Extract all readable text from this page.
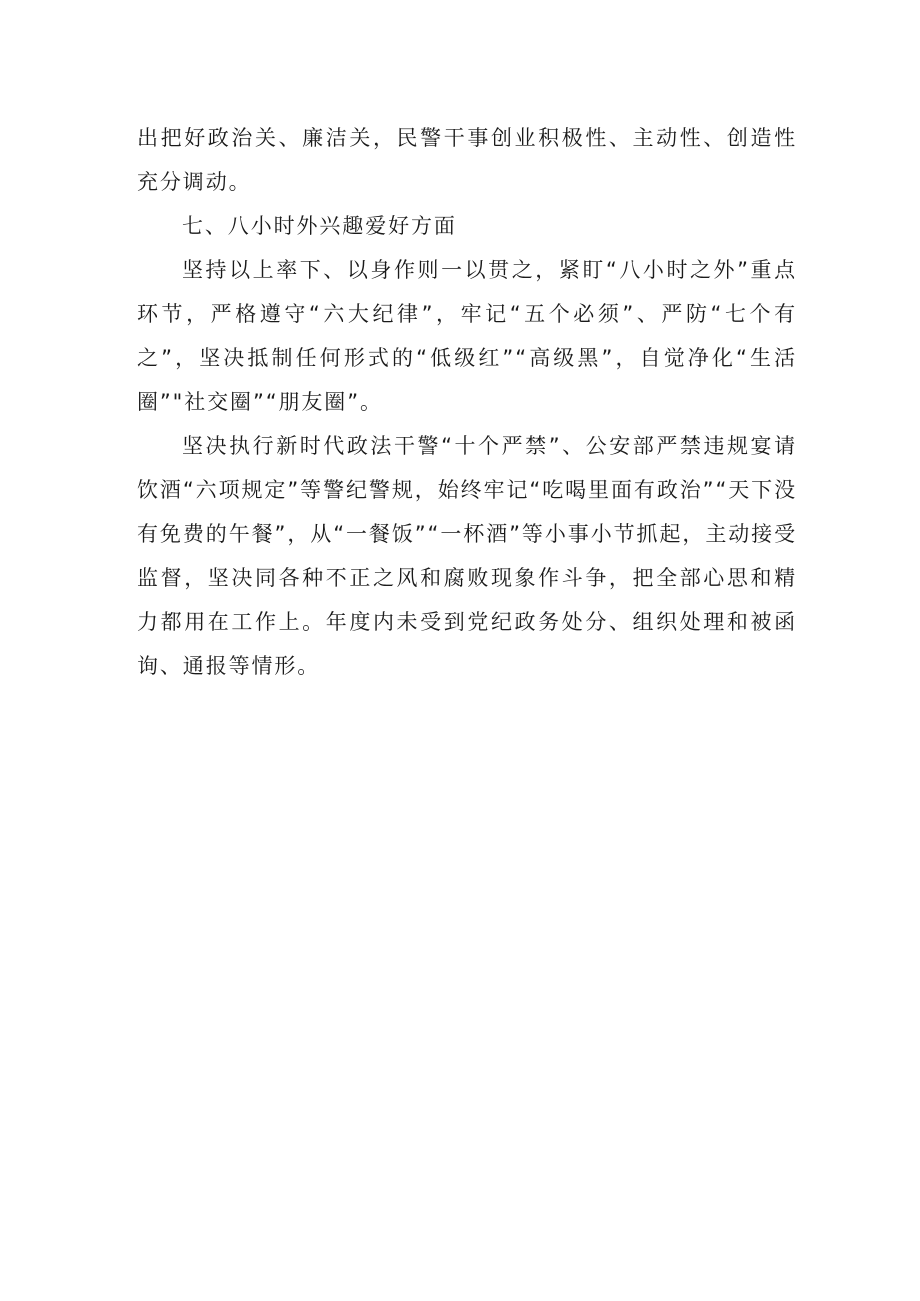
出把好政治关、廉洁关，民警干事创业积极性、主动性、创造性充分调动。

七、八小时外兴趣爱好方面

坚持以上率下、以身作则一以贯之，紧盯“八小时之外”重点环节，严格遵守“六大纪律”，牢记“五个必须”、严防“七个有之”，坚决抵制任何形式的“低级红”“高级黑”，自觉净化“生活圈”"社交圈”“朋友圈”。

坚决执行新时代政法干警“十个严禁”、公安部严禁违规宴请饮酒“六项规定”等警纪警规，始终牢记“吃喝里面有政治”“天下没有免费的午餐”，从“一餐饭”“一杯酒”等小事小节抓起，主动接受监督，坚决同各种不正之风和腐败现象作斗争，把全部心思和精力都用在工作上。年度内未受到党纪政务处分、组织处理和被函询、通报等情形。
